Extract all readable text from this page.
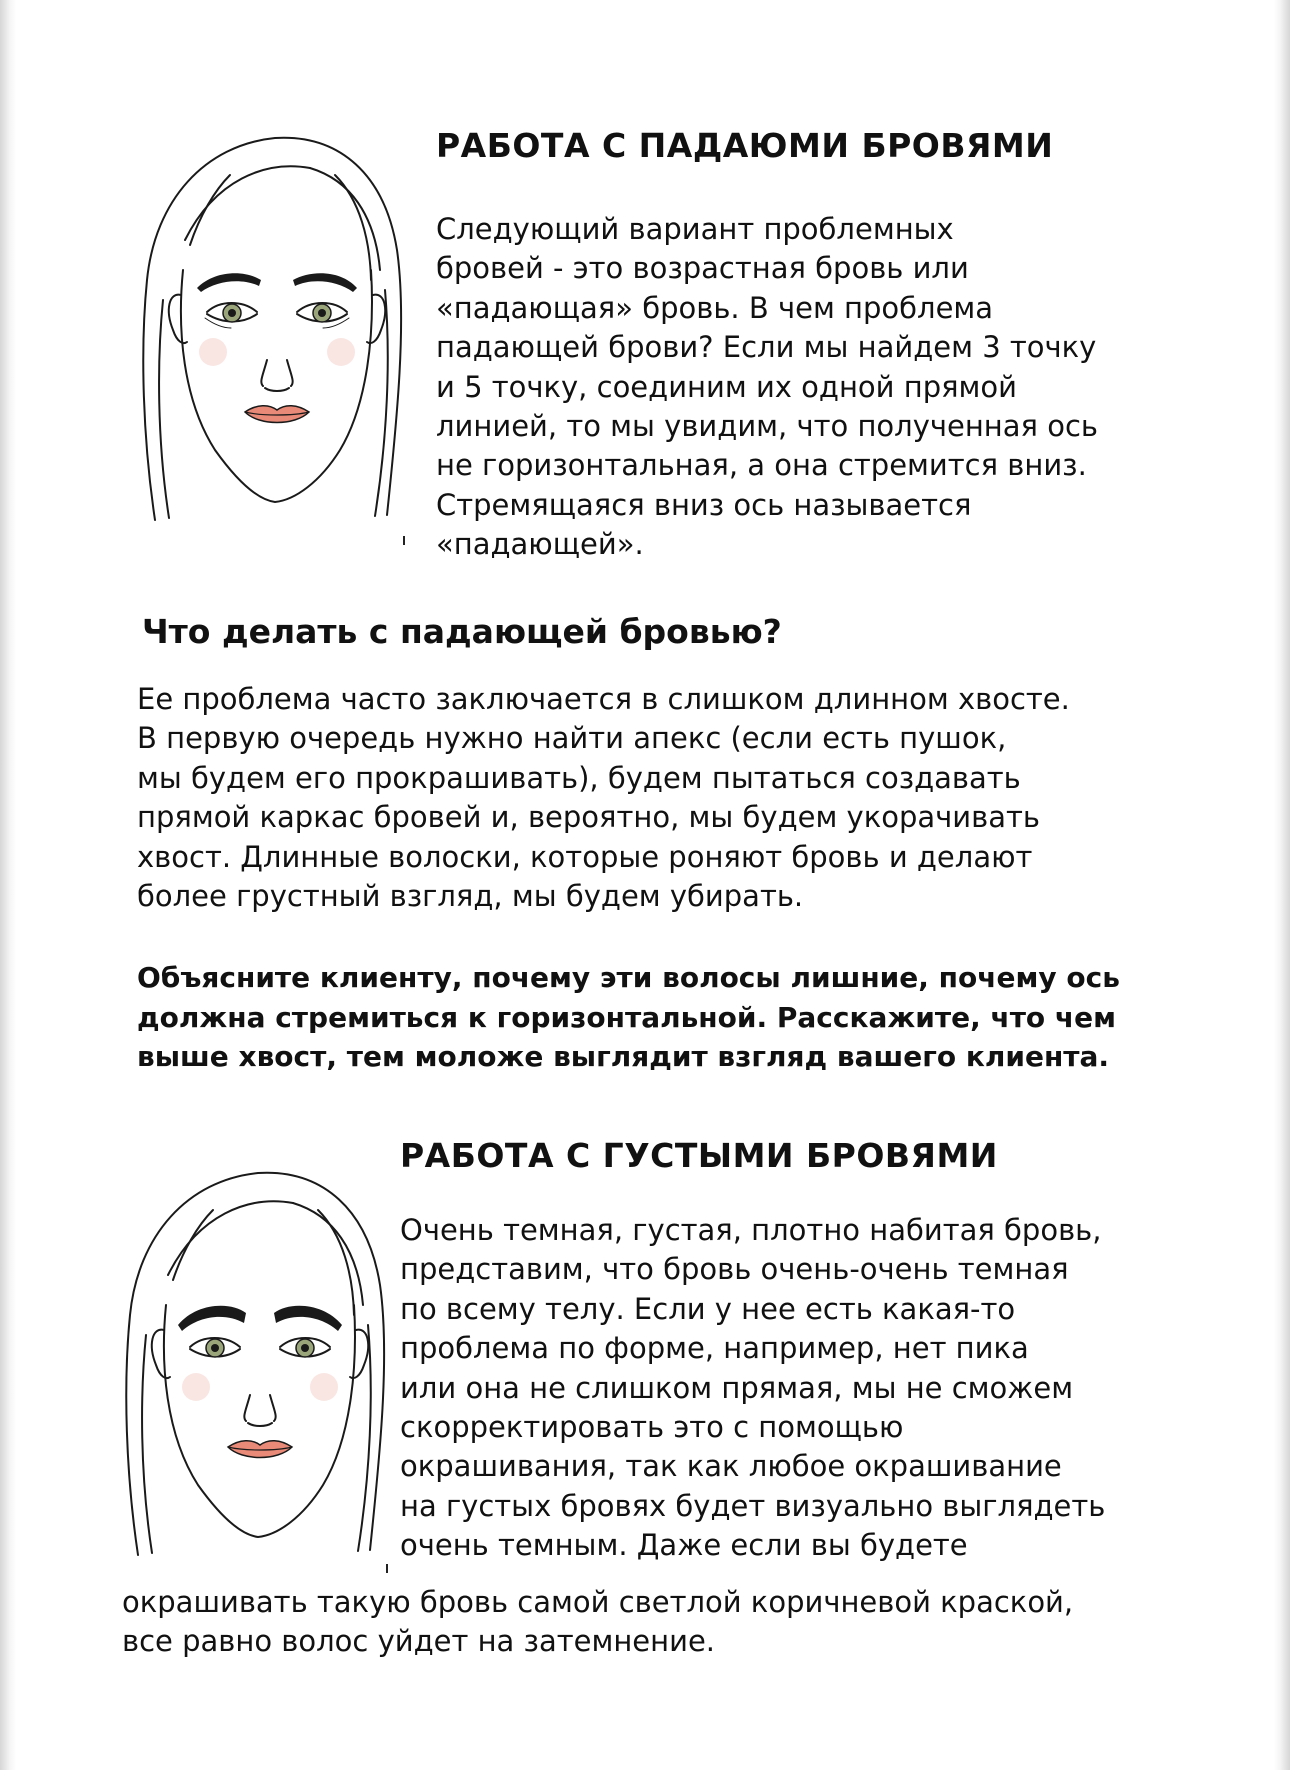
РАБОТА С ПАДАЮМИ БРОВЯМИ
Следующий вариант проблемных
бровей - это возрастная бровь или
«падающая» бровь. В чем проблема
падающей брови? Если мы найдем 3 точку
и 5 точку, соединим их одной прямой
линией, то мы увидим, что полученная ось
не горизонтальная, а она стремится вниз.
Стремящаяся вниз ось называется
«падающей».
Что делать с падающей бровью?
Ее проблема часто заключается в слишком длинном хвосте.
В первую очередь нужно найти апекс (если есть пушок,
мы будем его прокрашивать), будем пытаться создавать
прямой каркас бровей и, вероятно, мы будем укорачивать
хвост. Длинные волоски, которые роняют бровь и делают
более грустный взгляд, мы будем убирать.
Объясните клиенту, почему эти волосы лишние, почему ось
должна стремиться к горизонтальной. Расскажите, что чем
выше хвост, тем моложе выглядит взгляд вашего клиента.
РАБОТА С ГУСТЫМИ БРОВЯМИ
Очень темная, густая, плотно набитая бровь,
представим, что бровь очень-очень темная
по всему телу. Если у нее есть какая-то
проблема по форме, например, нет пика
или она не слишком прямая, мы не сможем
скорректировать это с помощью
окрашивания, так как любое окрашивание
на густых бровях будет визуально выглядеть
очень темным. Даже если вы будете
окрашивать такую бровь самой светлой коричневой краской,
все равно волос уйдет на затемнение.
